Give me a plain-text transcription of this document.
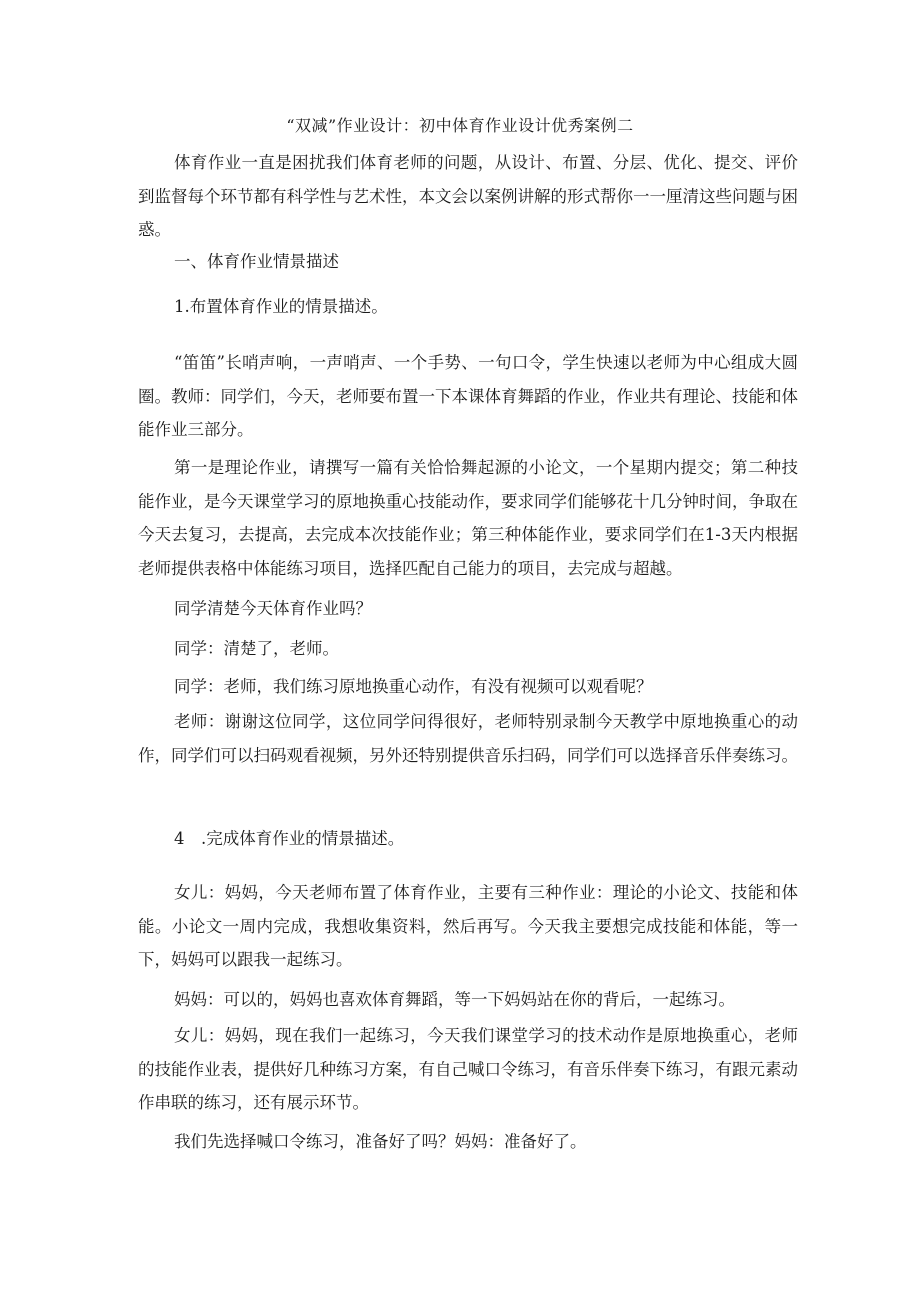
“双减”作业设计：初中体育作业设计优秀案例二

体育作业一直是困扰我们体育老师的问题，从设计、布置、分层、优化、提交、评价到监督每个环节都有科学性与艺术性，本文会以案例讲解的形式帮你一一厘清这些问题与困惑。

一、体育作业情景描述

1.布置体育作业的情景描述。

“笛笛”长哨声响，一声哨声、一个手势、一句口令，学生快速以老师为中心组成大圆圈。教师：同学们，今天，老师要布置一下本课体育舞蹈的作业，作业共有理论、技能和体能作业三部分。

第一是理论作业，请撰写一篇有关恰恰舞起源的小论文，一个星期内提交；第二种技能作业，是今天课堂学习的原地换重心技能动作，要求同学们能够花十几分钟时间，争取在今天去复习，去提高，去完成本次技能作业；第三种体能作业，要求同学们在1-3天内根据老师提供表格中体能练习项目，选择匹配自己能力的项目，去完成与超越。

同学清楚今天体育作业吗？

同学：清楚了，老师。

同学：老师，我们练习原地换重心动作，有没有视频可以观看呢？

老师：谢谢这位同学，这位同学问得很好，老师特别录制今天教学中原地换重心的动作，同学们可以扫码观看视频，另外还特别提供音乐扫码，同学们可以选择音乐伴奏练习。

4　.完成体育作业的情景描述。

女儿：妈妈，今天老师布置了体育作业，主要有三种作业：理论的小论文、技能和体能。小论文一周内完成，我想收集资料，然后再写。今天我主要想完成技能和体能，等一下，妈妈可以跟我一起练习。

妈妈：可以的，妈妈也喜欢体育舞蹈，等一下妈妈站在你的背后，一起练习。

女儿：妈妈，现在我们一起练习，今天我们课堂学习的技术动作是原地换重心，老师的技能作业表，提供好几种练习方案，有自己喊口令练习，有音乐伴奏下练习，有跟元素动作串联的练习，还有展示环节。

我们先选择喊口令练习，准备好了吗？妈妈：准备好了。
